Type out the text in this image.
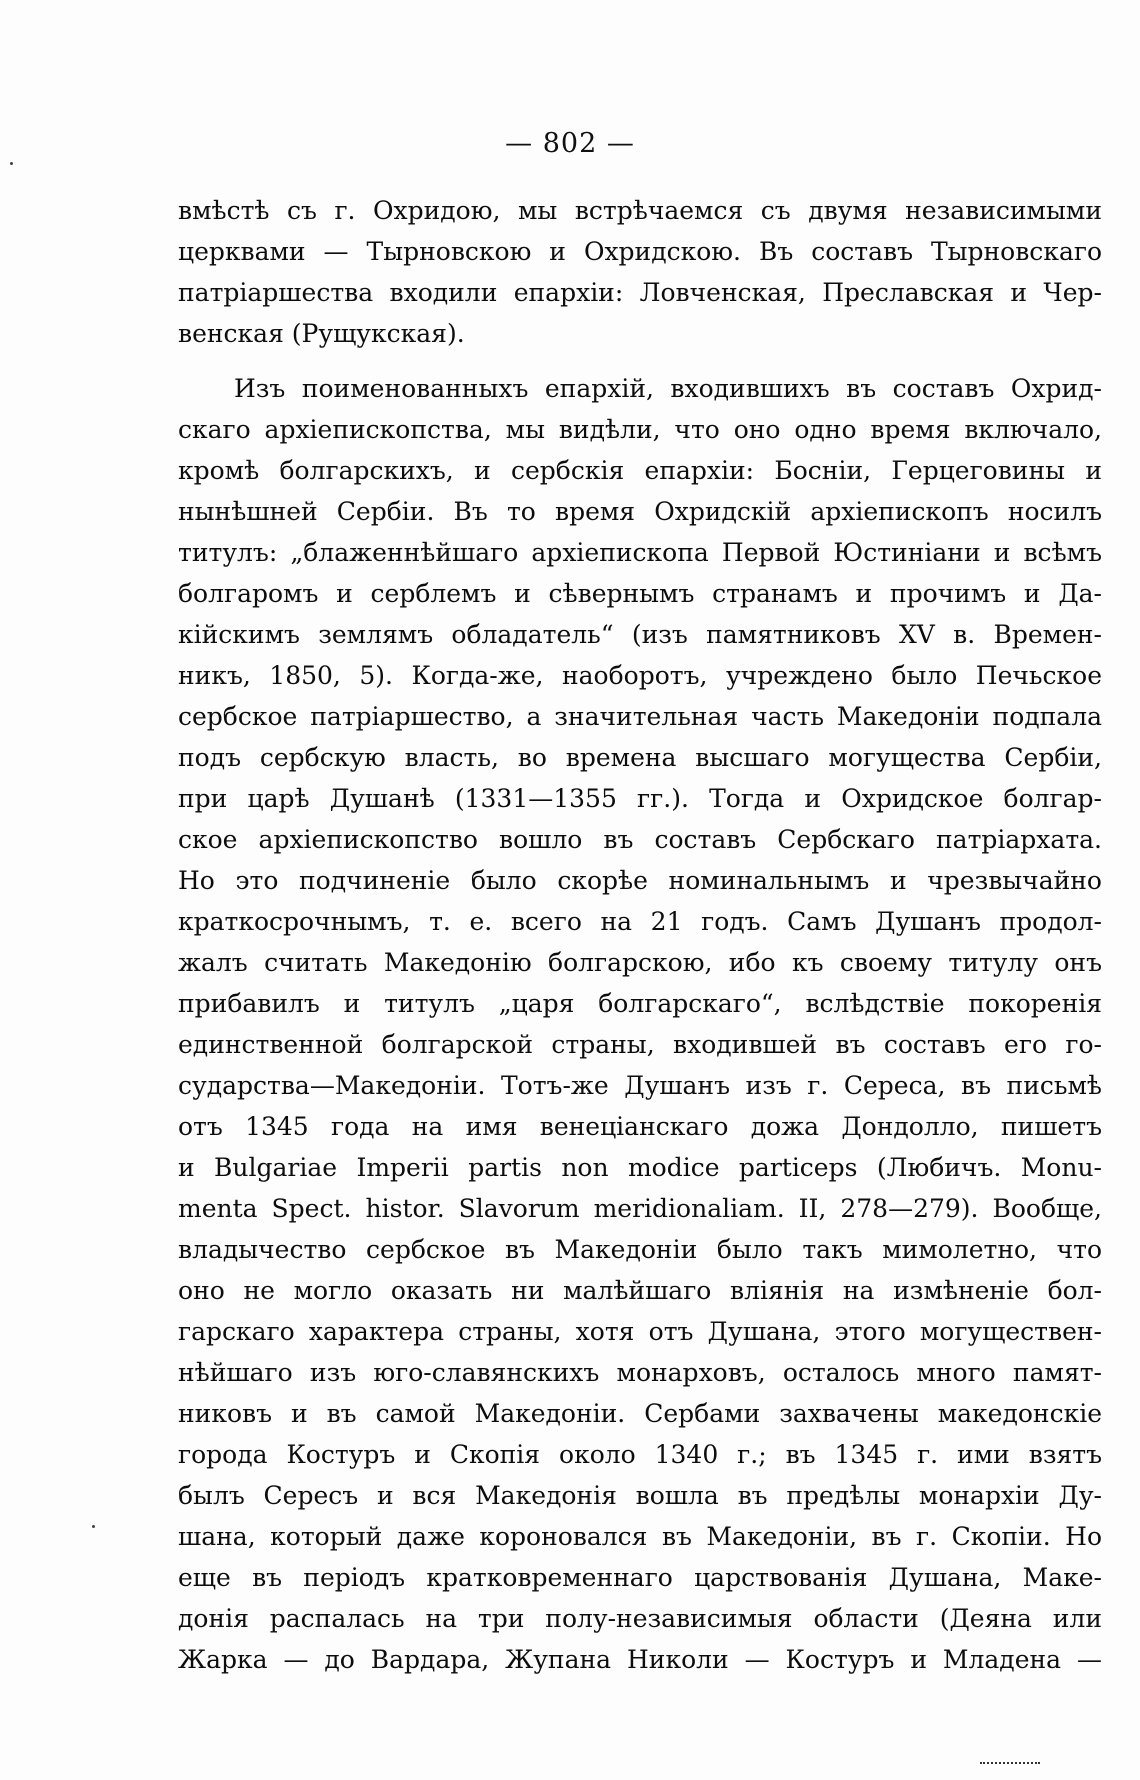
— 802 —
вмѣстѣ съ г. Охридою, мы встрѣчаемся съ двумя независимыми
церквами — Тырновскою и Охридскою. Въ составъ Тырновскаго
патріаршества входили епархіи: Ловченская, Преславская и Чер-
венская (Рущукская).
Изъ поименованныхъ епархій, входившихъ въ составъ Охрид-
скаго архіепископства, мы видѣли, что оно одно время включало,
кромѣ болгарскихъ, и сербскія епархіи: Босніи, Герцеговины и
нынѣшней Сербіи. Въ то время Охридскій архіепископъ носилъ
титулъ: „блаженнѣйшаго архіепископа Первой Юстиніани и всѣмъ
болгаромъ и серблемъ и сѣвернымъ странамъ и прочимъ и Да-
кійскимъ землямъ обладатель“ (изъ памятниковъ XV в. Времен-
никъ, 1850, 5). Когда-же, наоборотъ, учреждено было Печьское
сербское патріаршество, а значительная часть Македоніи подпала
подъ сербскую власть, во времена высшаго могущества Сербіи,
при царѣ Душанѣ (1331—1355 гг.). Тогда и Охридское болгар-
ское архіепископство вошло въ составъ Сербскаго патріархата.
Но это подчиненіе было скорѣе номинальнымъ и чрезвычайно
краткосрочнымъ, т. е. всего на 21 годъ. Самъ Душанъ продол-
жалъ считать Македонію болгарскою, ибо къ своему титулу онъ
прибавилъ и титулъ „царя болгарскаго“, вслѣдствіе покоренія
единственной болгарской страны, входившей въ составъ его го-
сударства—Македоніи. Тотъ-же Душанъ изъ г. Сереса, въ письмѣ
отъ 1345 года на имя венеціанскаго дожа Дондолло, пишетъ
и Bulgariae Imperii partis non modice particeps (Любичъ. Monu-
menta Spect. histor. Slavorum meridionaliam. II, 278—279). Вообще,
владычество сербское въ Македоніи было такъ мимолетно, что
оно не могло оказать ни малѣйшаго вліянія на измѣненіе бол-
гарскаго характера страны, хотя отъ Душана, этого могуществен-
нѣйшаго изъ юго-славянскихъ монарховъ, осталось много памят-
никовъ и въ самой Македоніи. Сербами захвачены македонскіе
города Костуръ и Скопія около 1340 г.; въ 1345 г. ими взятъ
былъ Сересъ и вся Македонія вошла въ предѣлы монархіи Ду-
шана, который даже короновался въ Македоніи, въ г. Скопіи. Но
еще въ періодъ кратковременнаго царствованія Душана, Маке-
донія распалась на три полу-независимыя области (Деяна или
Жарка — до Вардара, Жупана Николи — Костуръ и Младена —
